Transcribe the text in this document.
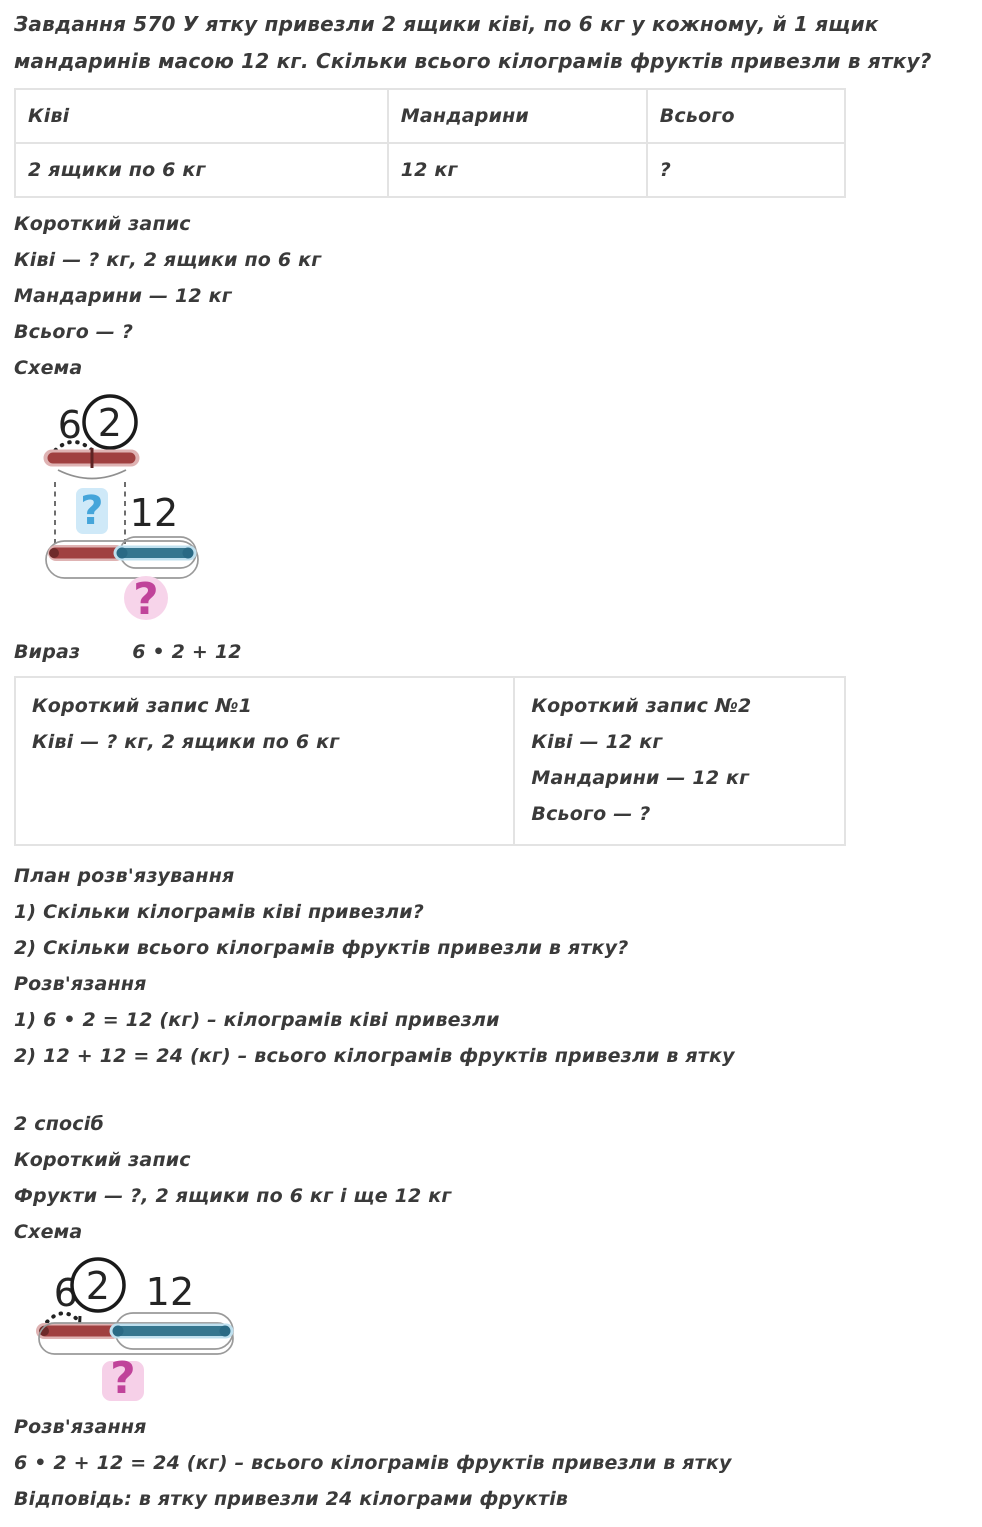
Завдання 570 У ятку привезли 2 ящики ківі, по 6 кг у кожному, й 1 ящик мандаринів масою 12 кг. Скільки всього кілограмів фруктів привезли в ятку?

Ківі	Мандарини	Всього
2 ящики по 6 кг	12 кг	?
Короткий запис
Ківі — ? кг, 2 ящики по 6 кг
Мандарини — 12 кг
Всього — ?
Схема
6 2
? 12
?
Вираз	6 • 2 + 12
Короткий запис №1
Ківі — ? кг, 2 ящики по 6 кг

Короткий запис №2
Ківі — 12 кг
Мандарини — 12 кг
Всього — ?
План розв'язування
1) Скільки кілограмів ківі привезли?
2) Скільки всього кілограмів фруктів привезли в ятку?
Розв'язання
1) 6 • 2 = 12 (кг) – кілограмів ківі привезли
2) 12 + 12 = 24 (кг) – всього кілограмів фруктів привезли в ятку
2 спосіб
Короткий запис
Фрукти — ?, 2 ящики по 6 кг і ще 12 кг
Схема
6 2 12
?
Розв'язання
6 • 2 + 12 = 24 (кг) – всього кілограмів фруктів привезли в ятку
Відповідь: в ятку привезли 24 кілограми фруктів
